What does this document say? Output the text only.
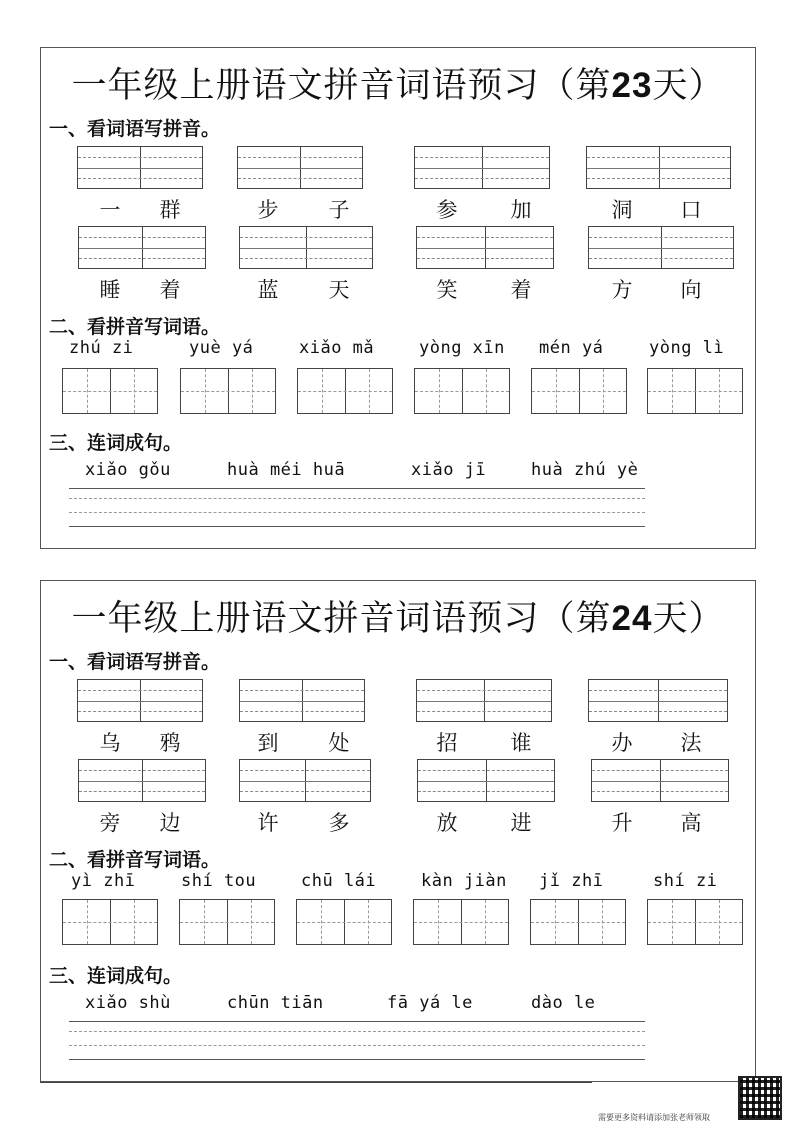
一年级上册语文拼音词语预习（第23天）
一、看词语写拼音。
一	群	步	子	参	加	洞	口
睡	着	蓝	天	笑	着	方	向
二、看拼音写词语。
zhú zi	yuè yá	xiǎo mǎ	yòng xīn mén yá	yòng lì
三、连词成句。
xiǎo gǒu	huà méi huā	xiǎo jī	huà zhú yè
一年级上册语文拼音词语预习（第24天）
一、看词语写拼音。
乌	鸦	到	处	招	谁	办	法
旁	边	许	多	放	进	升	高
二、看拼音写词语。
yì zhī	shí tou	chū lái	kàn jiàn jǐ zhī	shí zi
三、连词成句。
xiǎo shù	chūn tiān	fā yá le	dào le
需要更多资料请添加张老师领取
